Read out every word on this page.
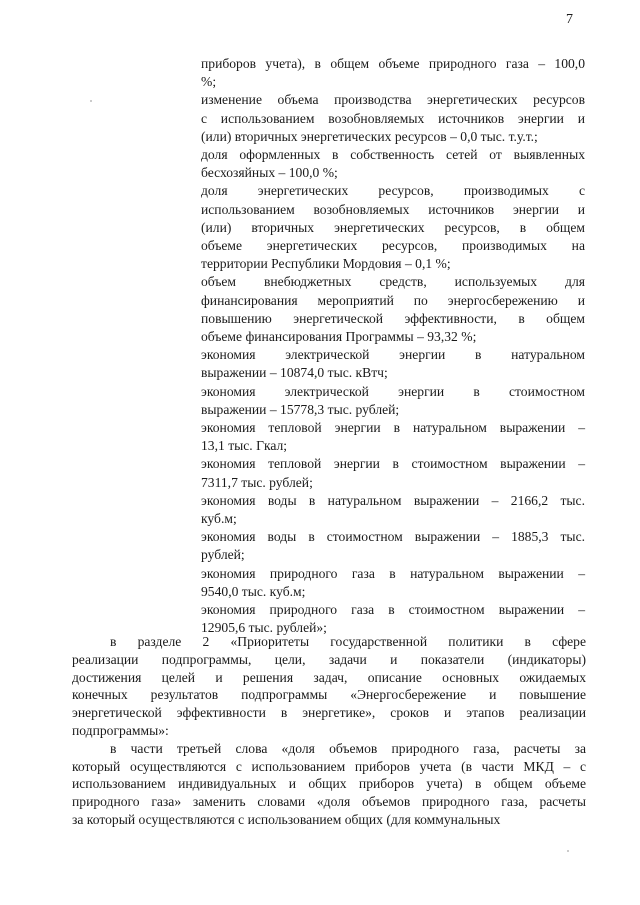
7
приборов учета), в общем объеме природного газа – 100,0
%;
изменение объема производства энергетических ресурсов
с использованием возобновляемых источников энергии и
(или) вторичных энергетических ресурсов – 0,0 тыс. т.у.т.;
доля оформленных в собственность сетей от выявленных
бесхозяйных – 100,0 %;
доля энергетических ресурсов, производимых с
использованием возобновляемых источников энергии и
(или) вторичных энергетических ресурсов, в общем
объеме энергетических ресурсов, производимых на
территории Республики Мордовия – 0,1 %;
объем внебюджетных средств, используемых для
финансирования мероприятий по энергосбережению и
повышению энергетической эффективности, в общем
объеме финансирования Программы – 93,32 %;
экономия электрической энергии в натуральном
выражении – 10874,0 тыс. кВтч;
экономия электрической энергии в стоимостном
выражении – 15778,3 тыс. рублей;
экономия тепловой энергии в натуральном выражении –
13,1 тыс. Гкал;
экономия тепловой энергии в стоимостном выражении –
7311,7 тыс. рублей;
экономия воды в натуральном выражении – 2166,2 тыс.
куб.м;
экономия воды в стоимостном выражении – 1885,3 тыс.
рублей;
экономия природного газа в натуральном выражении –
9540,0 тыс. куб.м;
экономия природного газа в стоимостном выражении –
12905,6 тыс. рублей»;
в разделе 2 «Приоритеты государственной политики в сфере
реализации подпрограммы, цели, задачи и показатели (индикаторы)
достижения целей и решения задач, описание основных ожидаемых
конечных результатов подпрограммы «Энергосбережение и повышение
энергетической эффективности в энергетике», сроков и этапов реализации
подпрограммы»:
в части третьей слова «доля объемов природного газа, расчеты за
который осуществляются с использованием приборов учета (в части МКД – с
использованием индивидуальных и общих приборов учета) в общем объеме
природного газа» заменить словами «доля объемов природного газа, расчеты
за который осуществляются с использованием общих (для коммунальных
